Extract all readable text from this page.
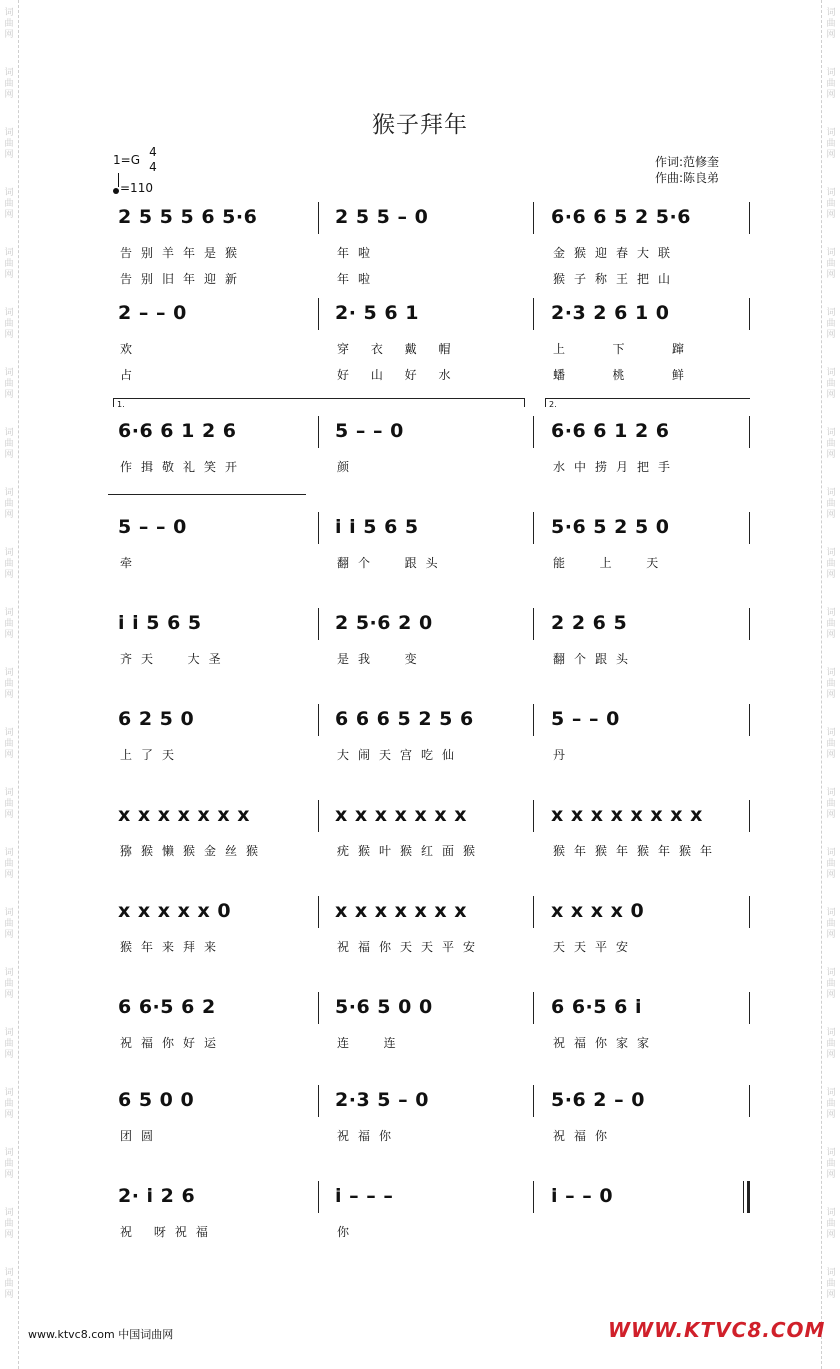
词曲网
词曲网
词曲网
词曲网
词曲网
词曲网
词曲网
词曲网
词曲网
词曲网
词曲网
词曲网
词曲网
词曲网
词曲网
词曲网
词曲网
词曲网
词曲网
词曲网
词曲网
词曲网
词曲网
词曲网
词曲网
词曲网
词曲网
词曲网
词曲网
词曲网
词曲网
词曲网
词曲网
词曲网
词曲网
词曲网
词曲网
词曲网
词曲网
词曲网
词曲网
词曲网
词曲网
词曲网
猴子拜年
1=G
4
4
=110
作词:范修奎
作曲:陈良弟
2 5 5 5 6 5·6	2 5 5 – 0	6·6 6 5 2 5·6
告别羊年是猴	年啦	金猴迎春大联
告别旧年迎新	年啦	猴子称王把山
2 – – 0	2· 5 6 1	2·3 2 6 1 0
欢	穿 衣 戴 帽	上   下   蹿
占	好 山 好 水	蟠   桃   鲜
6·6 6 1 2 6	5 – – 0	6·6 6 1 2 6
作揖敬礼笑开	颜	水中捞月把手
1.	2.
5 – – 0	i i 5 6 5	5·6 5 2 5 0
牵	翻个  跟头	能  上  天
i i 5 6 5	2 5·6 2 0	2 2 6 5
齐天  大圣	是我  变	翻个跟头
6 2 5 0	6 6 6 5 2 5 6	5 – – 0
上了天	大闹天宫吃仙	丹
x x x x x x x	x x x x x x x	x x x x x x x x
猕猴懒猴金丝猴	疣猴叶猴红面猴	猴年猴年猴年猴年
x x x x x 0	x x x x x x x	x x x x 0
猴年来拜来	祝福你天天平安	天天平安
6 6·5 6 2	5·6 5 0 0	6 6·5 6 i
祝福你好运	连  连	祝福你家家
6 5 0 0	2·3 5 – 0	5·6 2 – 0
团圆	祝福你	祝福你
2· i 2 6	i – – –	i – – 0
祝 呀祝福	你
www.ktvc8.com 中国词曲网	WWW.KTVC8.COM
